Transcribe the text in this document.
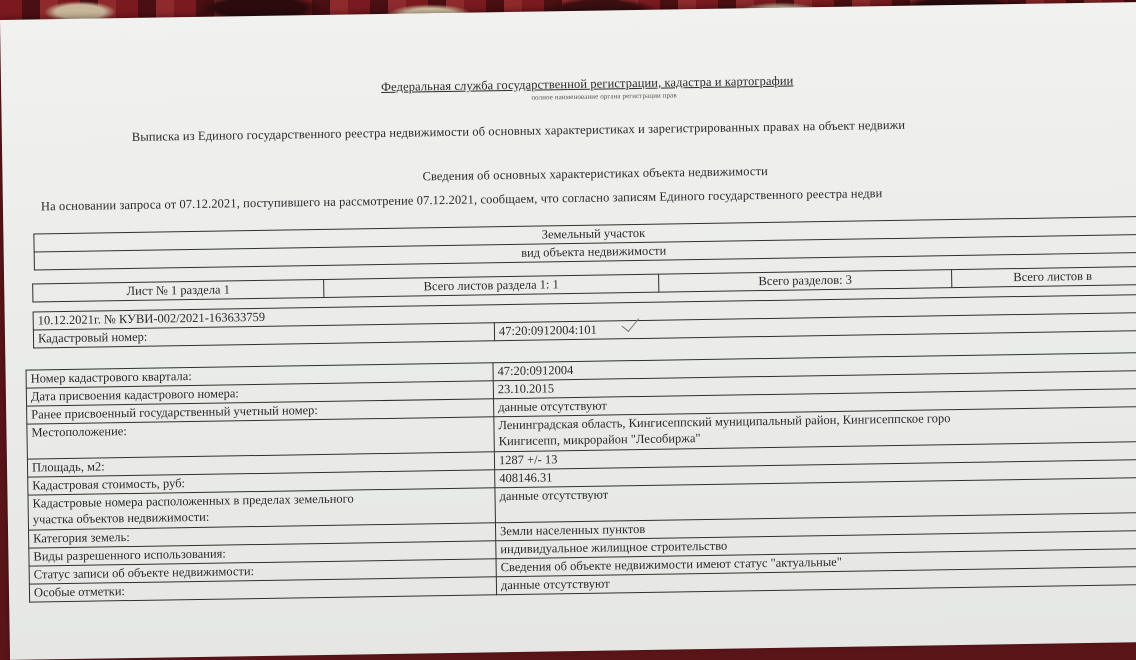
Федеральная служба государственной регистрации, кадастра и картографии
полное наименование органа регистрации прав
Выписка из Единого государственного реестра недвижимости об основных характеристиках и зарегистрированных правах на объект недвижи
Сведения об основных характеристиках объекта недвижимости
На основании запроса от 07.12.2021, поступившего на рассмотрение 07.12.2021, сообщаем, что согласно записям Единого государственного реестра недви
Земельный участок
вид объекта недвижимости
Лист № 1 раздела 1	Всего листов раздела 1: 1	Всего разделов: 3	Всего листов в
10.12.2021г. № КУВИ-002/2021-163633759
Кадастровый номер:	47:20:0912004:101
Номер кадастрового квартала:	47:20:0912004
Дата присвоения кадастрового номера:	23.10.2015
Ранее присвоенный государственный учетный номер:	данные отсутствуют
Местоположение:	Ленинградская область, Кингисеппский муниципальный район, Кингисеппское горо
Кингисепп, микрорайон "Лесобиржа"
Площадь, м2:	1287 +/- 13
Кадастровая стоимость, руб:	408146.31
Кадастровые номера расположенных в пределах земельного
участка объектов недвижимости:	данные отсутствуют
Категория земель:	Земли населенных пунктов
Виды разрешенного использования:	индивидуальное жилищное строительство
Статус записи об объекте недвижимости:	Сведения об объекте недвижимости имеют статус "актуальные"
Особые отметки:	данные отсутствуют
